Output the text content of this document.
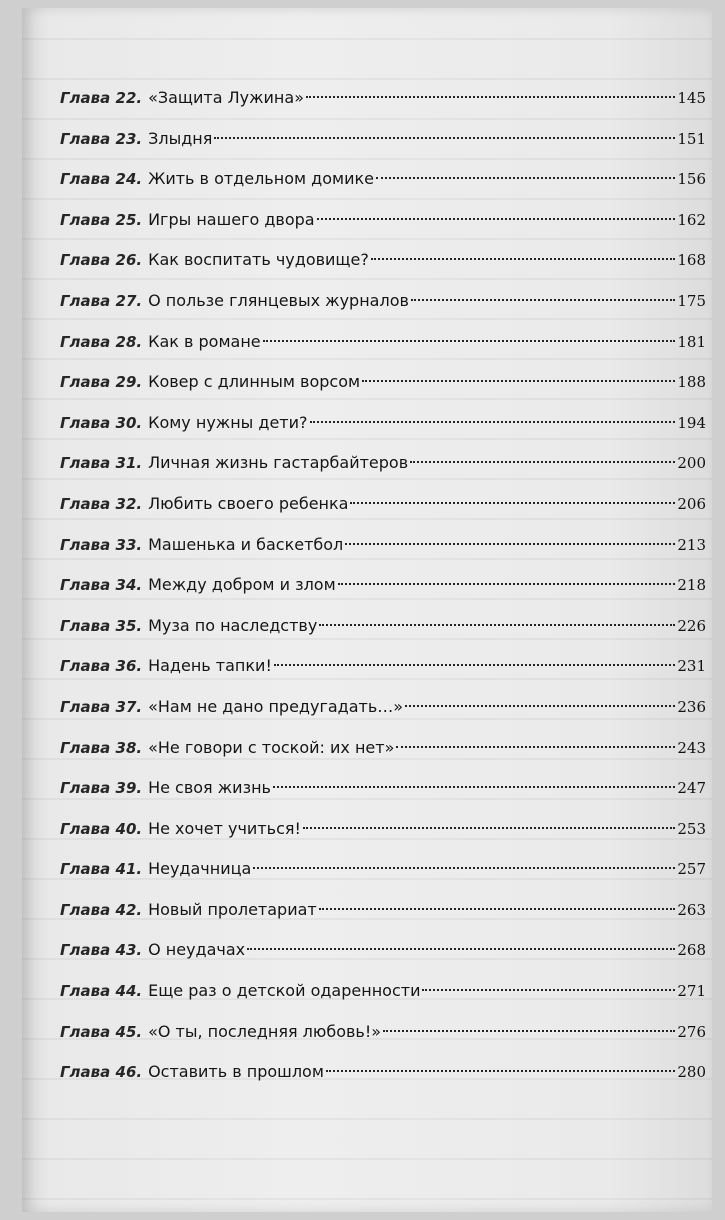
Глава 22. «Защита Лужина»	145
Глава 23. Злыдня	151
Глава 24. Жить в отдельном домике	156
Глава 25. Игры нашего двора	162
Глава 26. Как воспитать чудовище?	168
Глава 27. О пользе глянцевых журналов	175
Глава 28. Как в романе	181
Глава 29. Ковер с длинным ворсом	188
Глава 30. Кому нужны дети?	194
Глава 31. Личная жизнь гастарбайтеров	200
Глава 32. Любить своего ребенка	206
Глава 33. Машенька и баскетбол	213
Глава 34. Между добром и злом	218
Глава 35. Муза по наследству	226
Глава 36. Надень тапки!	231
Глава 37. «Нам не дано предугадать…»	236
Глава 38. «Не говори с тоской: их нет»	243
Глава 39. Не своя жизнь	247
Глава 40. Не хочет учиться!	253
Глава 41. Неудачница	257
Глава 42. Новый пролетариат	263
Глава 43. О неудачах	268
Глава 44. Еще раз о детской одаренности	271
Глава 45. «О ты, последняя любовь!»	276
Глава 46. Оставить в прошлом	280
